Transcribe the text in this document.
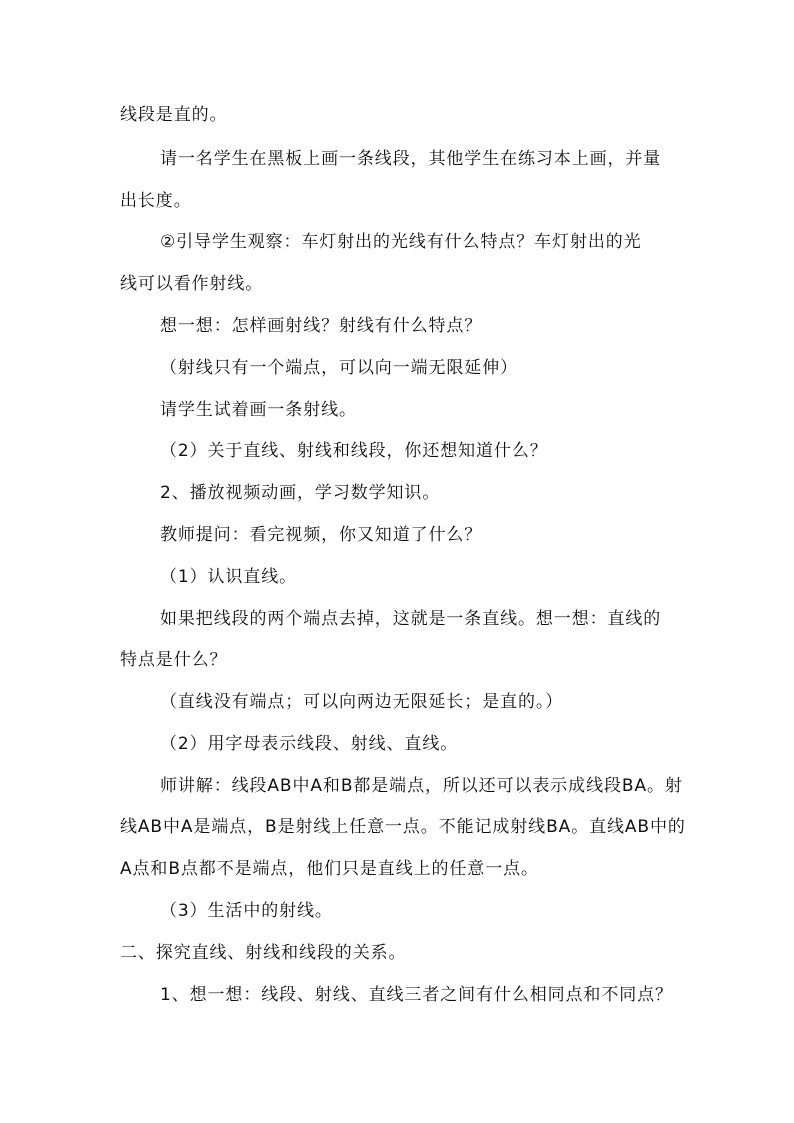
线段是直的。
请一名学生在黑板上画一条线段，其他学生在练习本上画，并量
出长度。
②引导学生观察：车灯射出的光线有什么特点？车灯射出的光
线可以看作射线。
想一想：怎样画射线？射线有什么特点？
（射线只有一个端点，可以向一端无限延伸）
请学生试着画一条射线。
（2）关于直线、射线和线段，你还想知道什么？
2、播放视频动画，学习数学知识。
教师提问：看完视频，你又知道了什么？
（1）认识直线。
如果把线段的两个端点去掉，这就是一条直线。想一想：直线的
特点是什么？
（直线没有端点；可以向两边无限延长；是直的。）
（2）用字母表示线段、射线、直线。
师讲解：线段AB中A和B都是端点，所以还可以表示成线段BA。射
线AB中A是端点，B是射线上任意一点。不能记成射线BA。直线AB中的
A点和B点都不是端点，他们只是直线上的任意一点。
（3）生活中的射线。
二、探究直线、射线和线段的关系。
1、想一想：线段、射线、直线三者之间有什么相同点和不同点？
